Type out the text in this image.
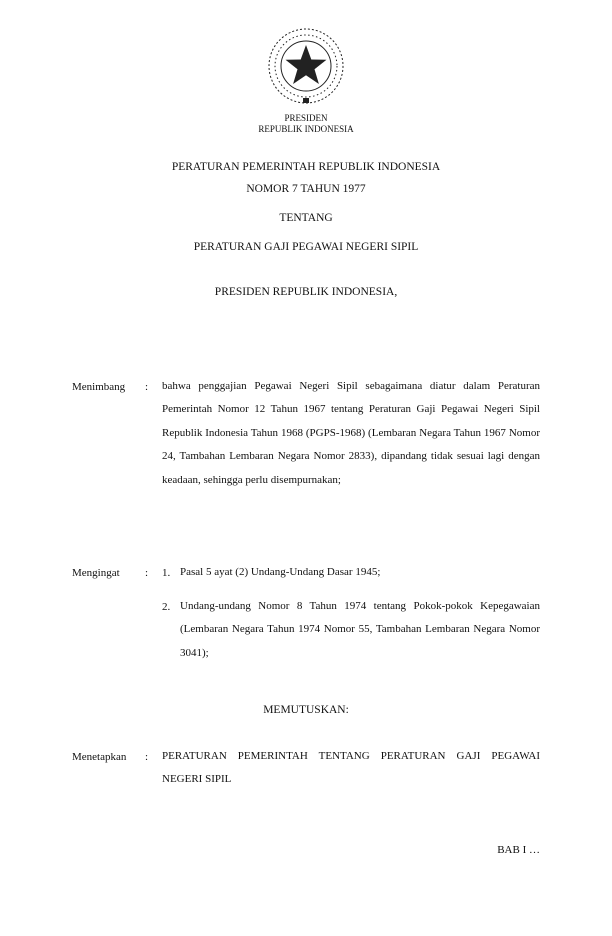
PRESIDEN
REPUBLIK INDONESIA
PERATURAN PEMERINTAH REPUBLIK INDONESIA
NOMOR 7 TAHUN 1977
TENTANG
PERATURAN GAJI PEGAWAI NEGERI SIPIL
PRESIDEN REPUBLIK INDONESIA,
Menimbang : bahwa penggajian Pegawai Negeri Sipil sebagaimana diatur dalam Peraturan Pemerintah Nomor 12 Tahun 1967 tentang Peraturan Gaji Pegawai Negeri Sipil Republik Indonesia Tahun 1968 (PGPS-1968) (Lembaran Negara Tahun 1967 Nomor 24, Tambahan Lembaran Negara Nomor 2833), dipandang tidak sesuai lagi dengan keadaan, sehingga perlu disempurnakan;
Mengingat : 1. Pasal 5 ayat (2) Undang-Undang Dasar 1945;
2. Undang-undang Nomor 8 Tahun 1974 tentang Pokok-pokok Kepegawaian (Lembaran Negara Tahun 1974 Nomor 55, Tambahan Lembaran Negara Nomor 3041);
MEMUTUSKAN:
Menetapkan : PERATURAN PEMERINTAH TENTANG PERATURAN GAJI PEGAWAI NEGERI SIPIL
BAB I …
